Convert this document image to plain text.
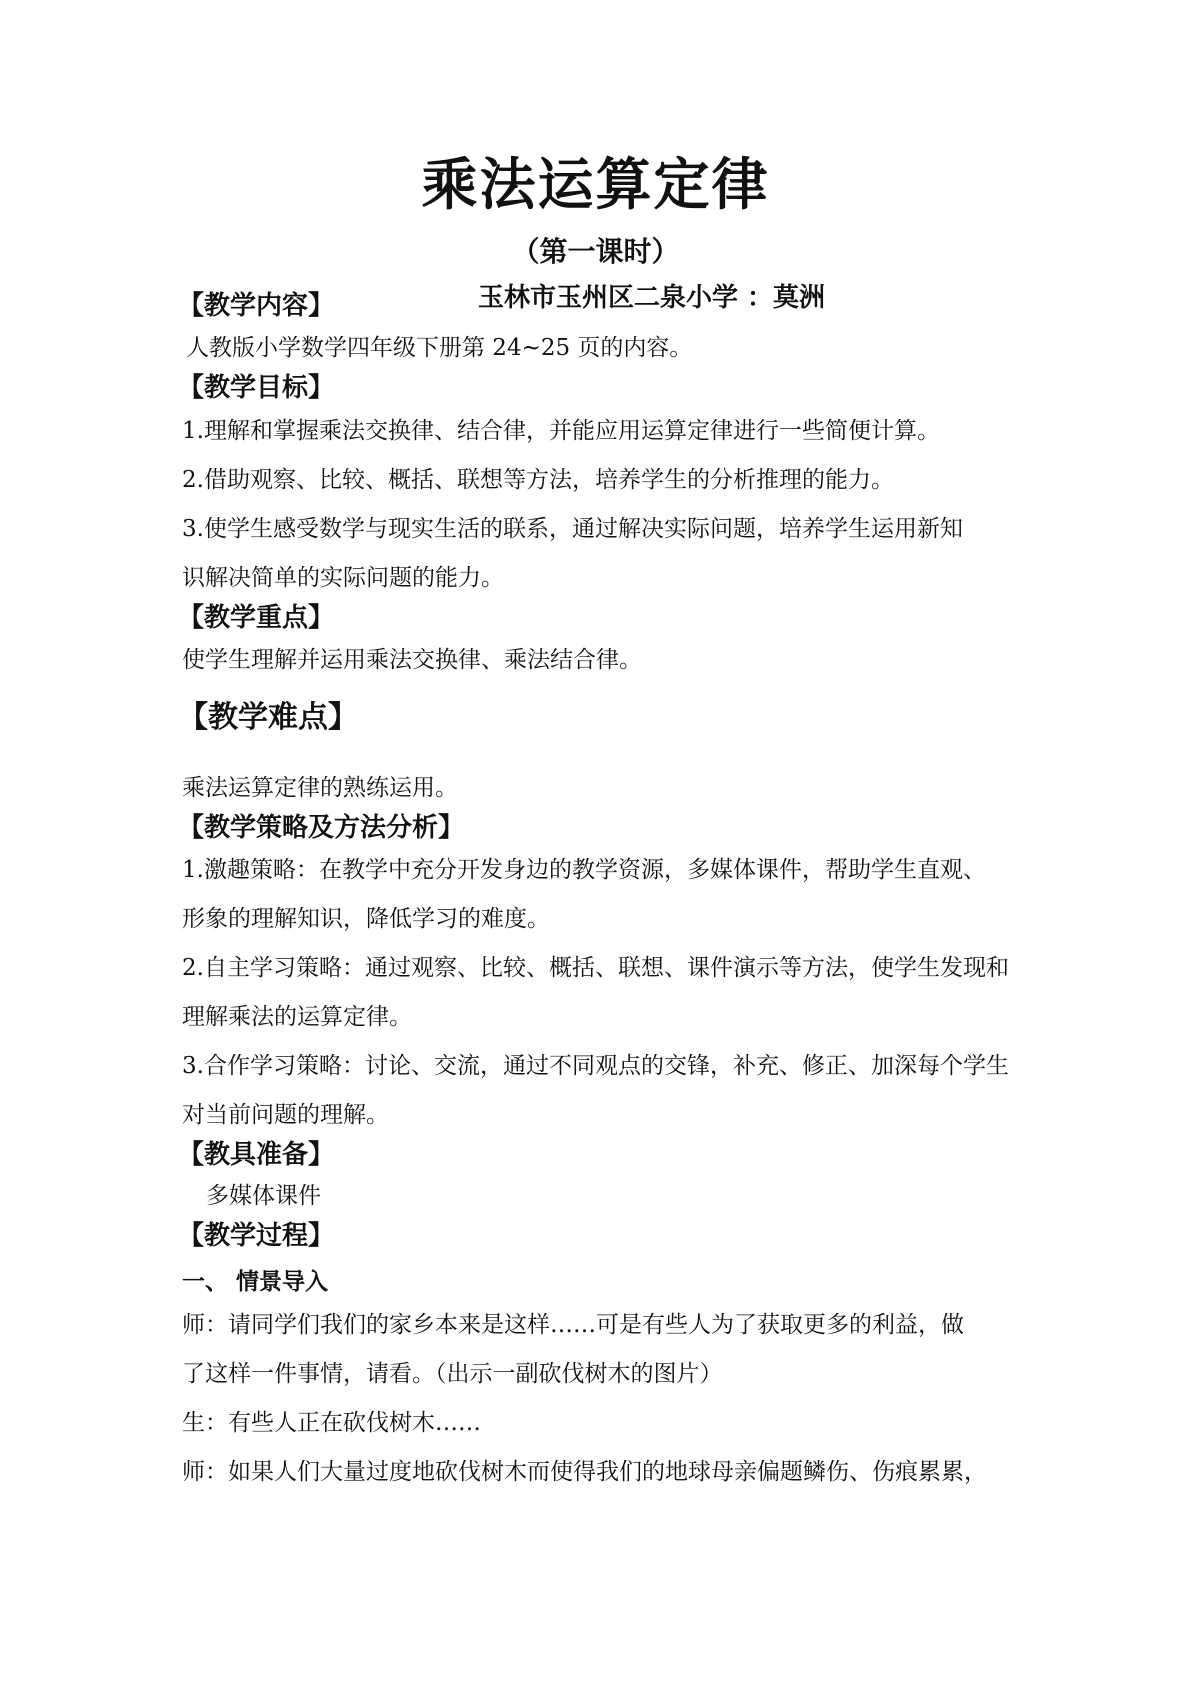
乘法运算定律
（第一课时）
玉林市玉州区二泉小学 ：莫洲
【教学内容】
人教版小学数学四年级下册第 24~25 页的内容。
【教学目标】
1.理解和掌握乘法交换律、结合律，并能应用运算定律进行一些简便计算。
2.借助观察、比较、概括、联想等方法，培养学生的分析推理的能力。
3.使学生感受数学与现实生活的联系，通过解决实际问题，培养学生运用新知
识解决简单的实际问题的能力。
【教学重点】
使学生理解并运用乘法交换律、乘法结合律。
【教学难点】
乘法运算定律的熟练运用。
【教学策略及方法分析】
1.激趣策略：在教学中充分开发身边的教学资源，多媒体课件，帮助学生直观、
形象的理解知识，降低学习的难度。
2.自主学习策略：通过观察、比较、概括、联想、课件演示等方法，使学生发现和
理解乘法的运算定律。
3.合作学习策略：讨论、交流，通过不同观点的交锋，补充、修正、加深每个学生
对当前问题的理解。
【教具准备】
多媒体课件
【教学过程】
一、 情景导入
师：请同学们我们的家乡本来是这样……可是有些人为了获取更多的利益，做
了这样一件事情，请看。（出示一副砍伐树木的图片）
生：有些人正在砍伐树木……
师：如果人们大量过度地砍伐树木而使得我们的地球母亲偏题鳞伤、伤痕累累，
